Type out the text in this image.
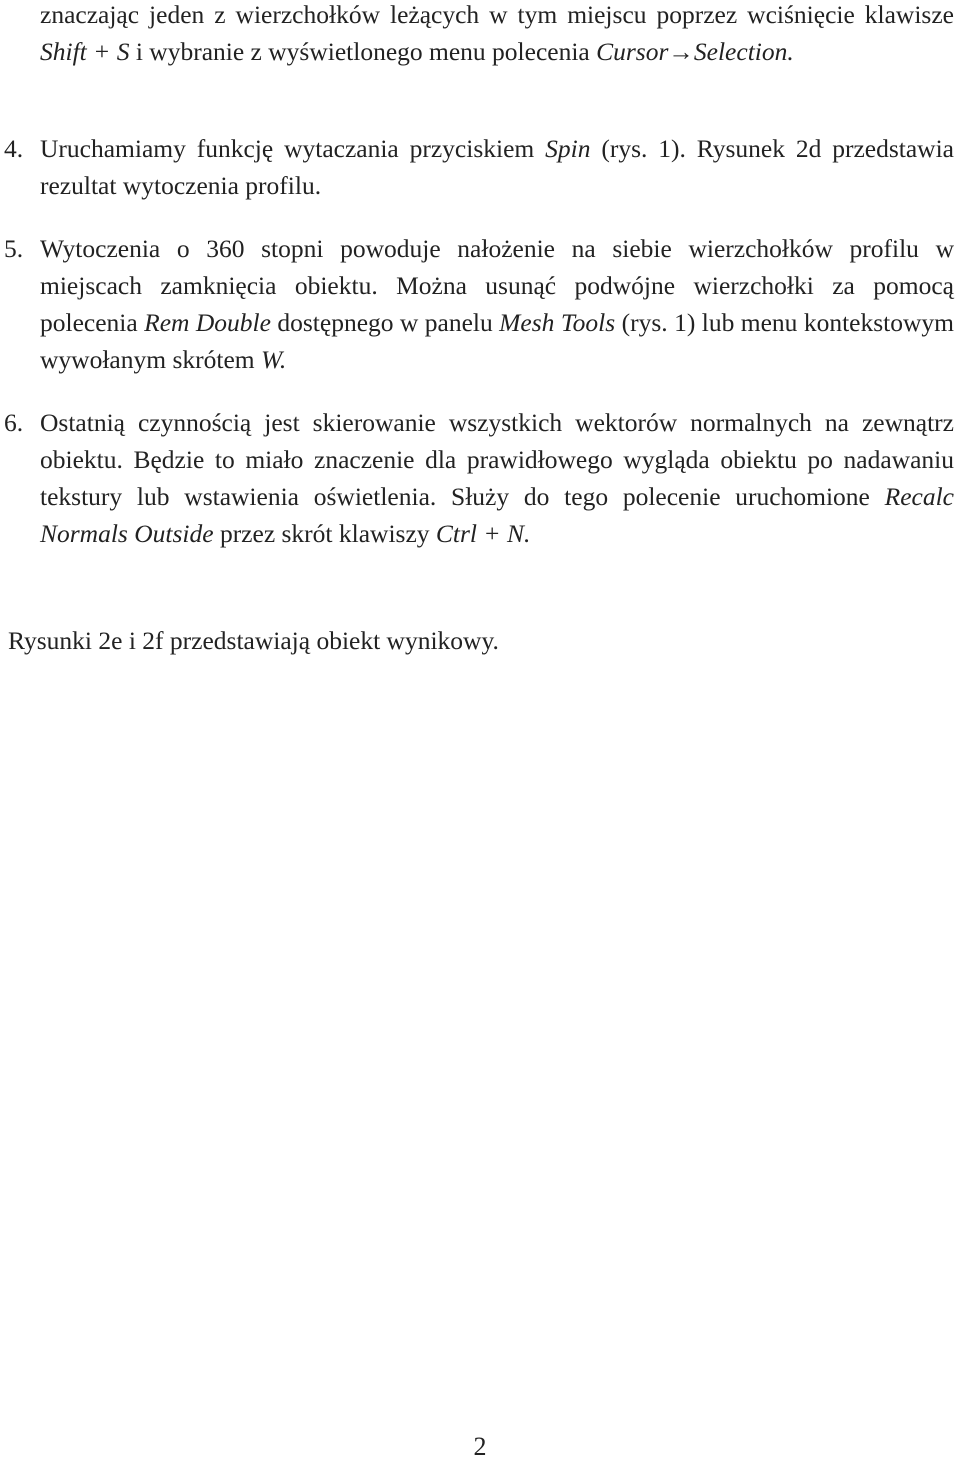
znaczając jeden z wierzchołków leżących w tym miejscu poprzez wciśnięcie klawisze Shift + S i wybranie z wyświetlonego menu polecenia Cursor→Selection.

4. Uruchamiamy funkcję wytaczania przyciskiem Spin (rys. 1). Rysunek 2d przedstawia rezultat wytoczenia profilu.

5. Wytoczenia o 360 stopni powoduje nałożenie na siebie wierzchołków profilu w miejscach zamknięcia obiektu. Można usunąć podwójne wierzchołki za pomocą polecenia Rem Double dostępnego w panelu Mesh Tools (rys. 1) lub menu kontekstowym wywołanym skrótem W.

6. Ostatnią czynnością jest skierowanie wszystkich wektorów normalnych na zewnątrz obiektu. Będzie to miało znaczenie dla prawidłowego wygląda obiektu po nadawaniu tekstury lub wstawienia oświetlenia. Służy do tego polecenie uruchomione Recalc Normals Outside przez skrót klawiszy Ctrl + N.

Rysunki 2e i 2f przedstawiają obiekt wynikowy.

2
